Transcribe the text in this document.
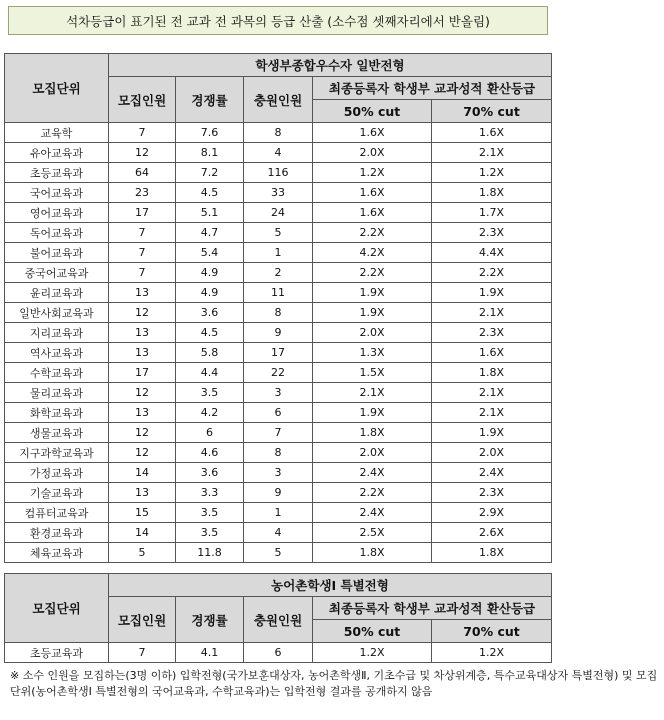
석차등급이 표기된 전 교과 전 과목의 등급 산출 (소수점 셋째자리에서 반올림)
모집단위	학생부종합우수자 일반전형				
	모집인원	경쟁률	충원인원	최종등록자 학생부 교과성적 환산등급	
				50% cut	70% cut
교육학	7	7.6	8	1.6X	1.6X
유아교육과	12	8.1	4	2.0X	2.1X
초등교육과	64	7.2	116	1.2X	1.2X
국어교육과	23	4.5	33	1.6X	1.8X
영어교육과	17	5.1	24	1.6X	1.7X
독어교육과	7	4.7	5	2.2X	2.3X
불어교육과	7	5.4	1	4.2X	4.4X
중국어교육과	7	4.9	2	2.2X	2.2X
윤리교육과	13	4.9	11	1.9X	1.9X
일반사회교육과	12	3.6	8	1.9X	2.1X
지리교육과	13	4.5	9	2.0X	2.3X
역사교육과	13	5.8	17	1.3X	1.6X
수학교육과	17	4.4	22	1.5X	1.8X
물리교육과	12	3.5	3	2.1X	2.1X
화학교육과	13	4.2	6	1.9X	2.1X
생물교육과	12	6	7	1.8X	1.9X
지구과학교육과	12	4.6	8	2.0X	2.0X
가정교육과	14	3.6	3	2.4X	2.4X
기술교육과	13	3.3	9	2.2X	2.3X
컴퓨터교육과	15	3.5	1	2.4X	2.9X
환경교육과	14	3.5	4	2.5X	2.6X
체육교육과	5	11.8	5	1.8X	1.8X
모집단위	농어촌학생Ⅰ 특별전형				
	모집인원	경쟁률	충원인원	최종등록자 학생부 교과성적 환산등급	
				50% cut	70% cut
초등교육과	7	4.1	6	1.2X	1.2X
※ 소수 인원을 모집하는(3명 이하) 입학전형(국가보훈대상자, 농어촌학생Ⅱ, 기초수급 및 차상위계층, 특수교육대상자 특별전형) 및 모집단위(농어촌학생Ⅰ 특별전형의 국어교육과, 수학교육과)는 입학전형 결과를 공개하지 않음
